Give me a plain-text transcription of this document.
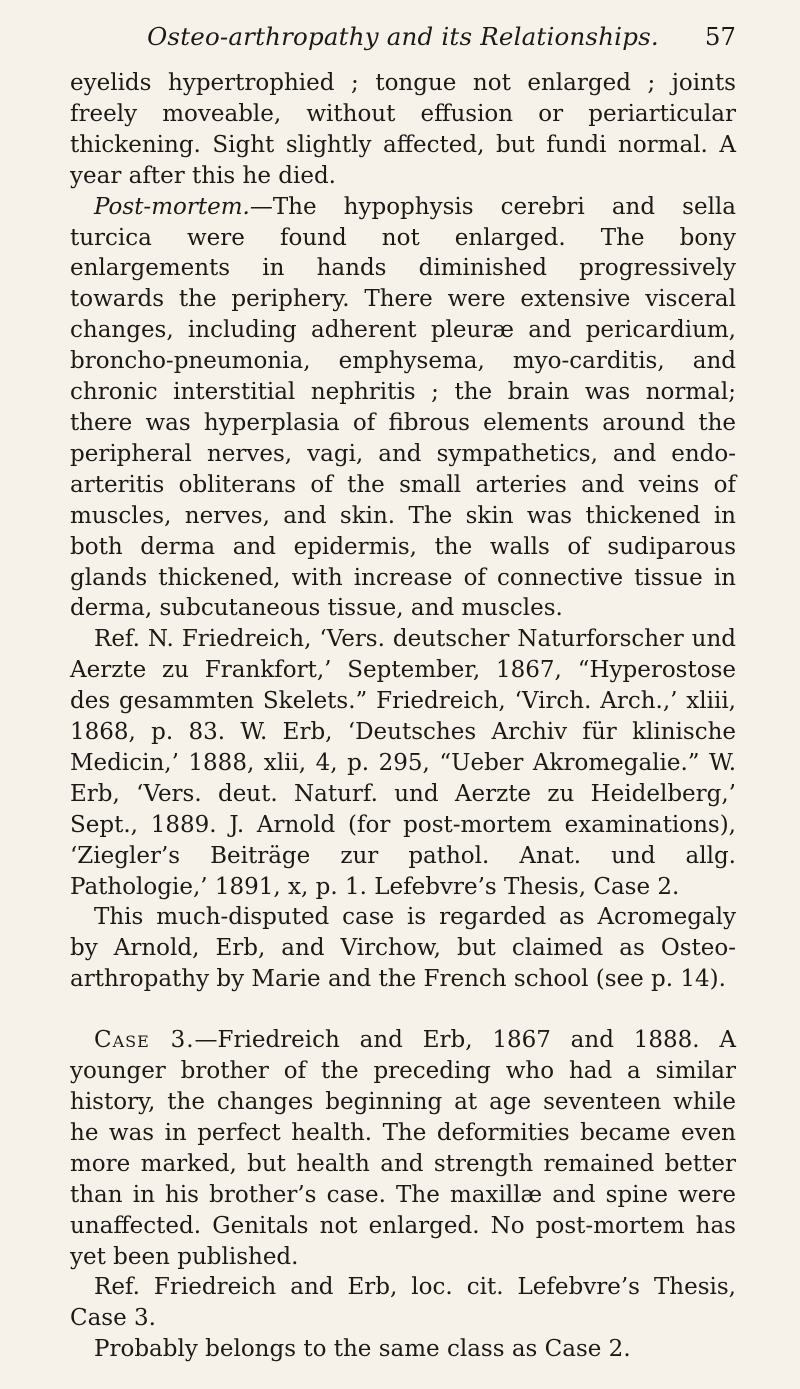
Osteo-arthropathy and its Relationships.	57

eyelids hypertrophied ; tongue not enlarged ; joints freely moveable, without effusion or periarticular thickening. Sight slightly affected, but fundi normal. A year after this he died.

Post-mortem.—The hypophysis cerebri and sella turcica were found not enlarged. The bony enlargements in hands diminished progressively towards the periphery. There were extensive visceral changes, including adherent pleuræ and pericardium, broncho-pneumonia, emphysema, myo-carditis, and chronic interstitial nephritis ; the brain was normal; there was hyperplasia of fibrous elements around the peripheral nerves, vagi, and sympathetics, and endo-arteritis obliterans of the small arteries and veins of muscles, nerves, and skin. The skin was thickened in both derma and epidermis, the walls of sudiparous glands thickened, with increase of connective tissue in derma, subcutaneous tissue, and muscles.

Ref. N. Friedreich, ‘Vers. deutscher Naturforscher und Aerzte zu Frankfort,’ September, 1867, “Hyperostose des gesammten Skelets.” Friedreich, ‘Virch. Arch.,’ xliii, 1868, p. 83. W. Erb, ‘Deutsches Archiv für klinische Medicin,’ 1888, xlii, 4, p. 295, “Ueber Akromegalie.” W. Erb, ‘Vers. deut. Naturf. und Aerzte zu Heidelberg,’ Sept., 1889. J. Arnold (for post-mortem examinations), ‘Ziegler’s Beiträge zur pathol. Anat. und allg. Pathologie,’ 1891, x, p. 1. Lefebvre’s Thesis, Case 2.

This much-disputed case is regarded as Acromegaly by Arnold, Erb, and Virchow, but claimed as Osteo-arthropathy by Marie and the French school (see p. 14).

Case 3.—Friedreich and Erb, 1867 and 1888. A younger brother of the preceding who had a similar history, the changes beginning at age seventeen while he was in perfect health. The deformities became even more marked, but health and strength remained better than in his brother’s case. The maxillæ and spine were unaffected. Genitals not enlarged. No post-mortem has yet been published.

Ref. Friedreich and Erb, loc. cit. Lefebvre’s Thesis, Case 3.

Probably belongs to the same class as Case 2.
